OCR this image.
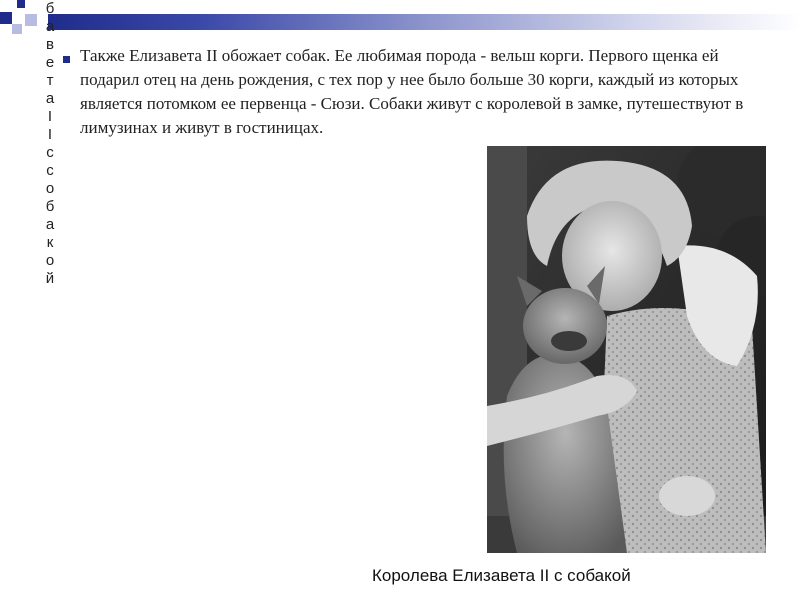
б
а
в
е
т
а
I
I
с
с
о
б
а
к
о
й
Также Елизавета II обожает собак. Ее любимая порода - вельш корги. Первого щенка ей подарил отец на день рождения, с тех пор у нее было больше 30 корги, каждый из которых является потомком ее первенца - Сюзи. Собаки живут с королевой в замке, путешествуют в лимузинах и живут в гостиницах.
Королева Елизавета II с собакой
